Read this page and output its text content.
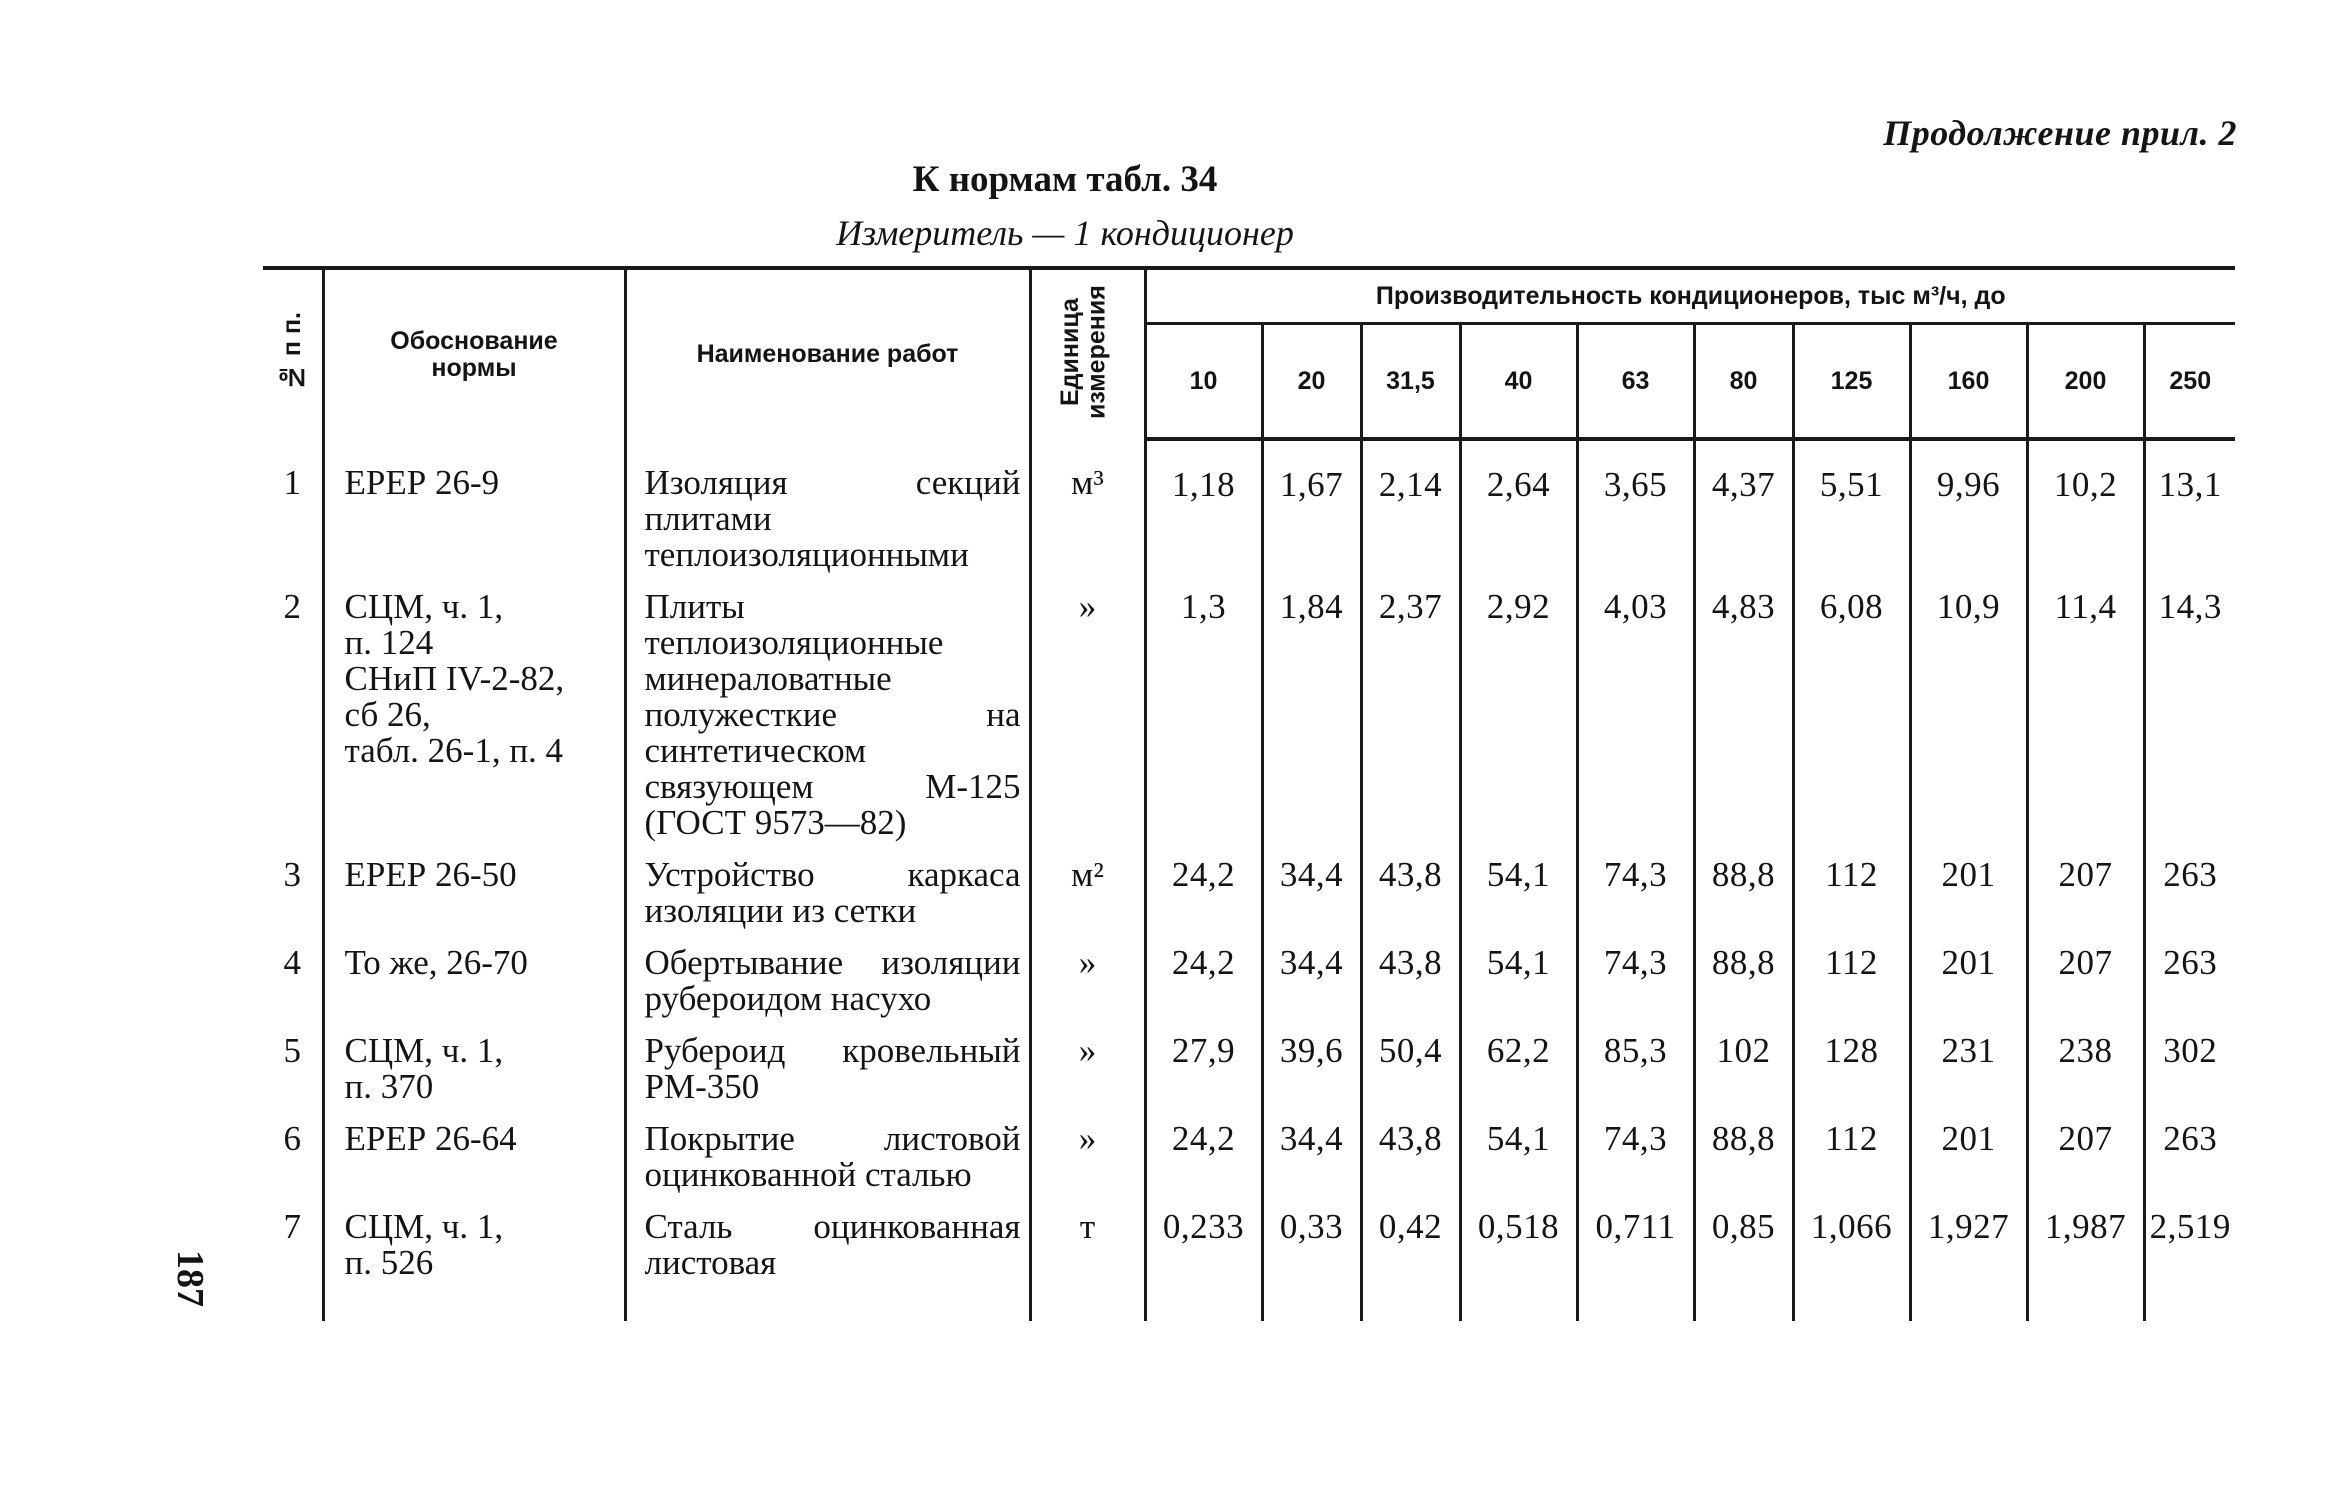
Продолжение прил. 2
К нормам табл. 34
Измеритель — 1 кондиционер
№ п п.	Обоснование нормы	Наименование работ	Единица измерения	Производительность кондиционеров, тыс м³/ч, до									
				10	20	31,5	40	63	80	125	160	200	250
1	ЕРЕР 26-9	Изоляция секций плитами теплоизоляционными	м³	1,18	1,67	2,14	2,64	3,65	4,37	5,51	9,96	10,2	13,1
2	СЦМ, ч. 1,
п. 124
СНиП IV-2-82,
сб 26,
табл. 26-1, п. 4	Плиты теплоизоляционные минераловатные полужесткие на синтетическом связующем М-125 (ГОСТ 9573—82)	»	1,3	1,84	2,37	2,92	4,03	4,83	6,08	10,9	11,4	14,3
3	ЕРЕР 26-50	Устройство каркаса изоляции из сетки	м²	24,2	34,4	43,8	54,1	74,3	88,8	112	201	207	263
4	То же, 26-70	Обертывание изоляции рубероидом насухо	»	24,2	34,4	43,8	54,1	74,3	88,8	112	201	207	263
5	СЦМ, ч. 1,
п. 370	Рубероид кровельный РМ-350	»	27,9	39,6	50,4	62,2	85,3	102	128	231	238	302
6	ЕРЕР 26-64	Покрытие листовой оцинкованной сталью	»	24,2	34,4	43,8	54,1	74,3	88,8	112	201	207	263
7	СЦМ, ч. 1,
п. 526	Сталь оцинкованная листовая	т	0,233	0,33	0,42	0,518	0,711	0,85	1,066	1,927	1,987	2,519
187
